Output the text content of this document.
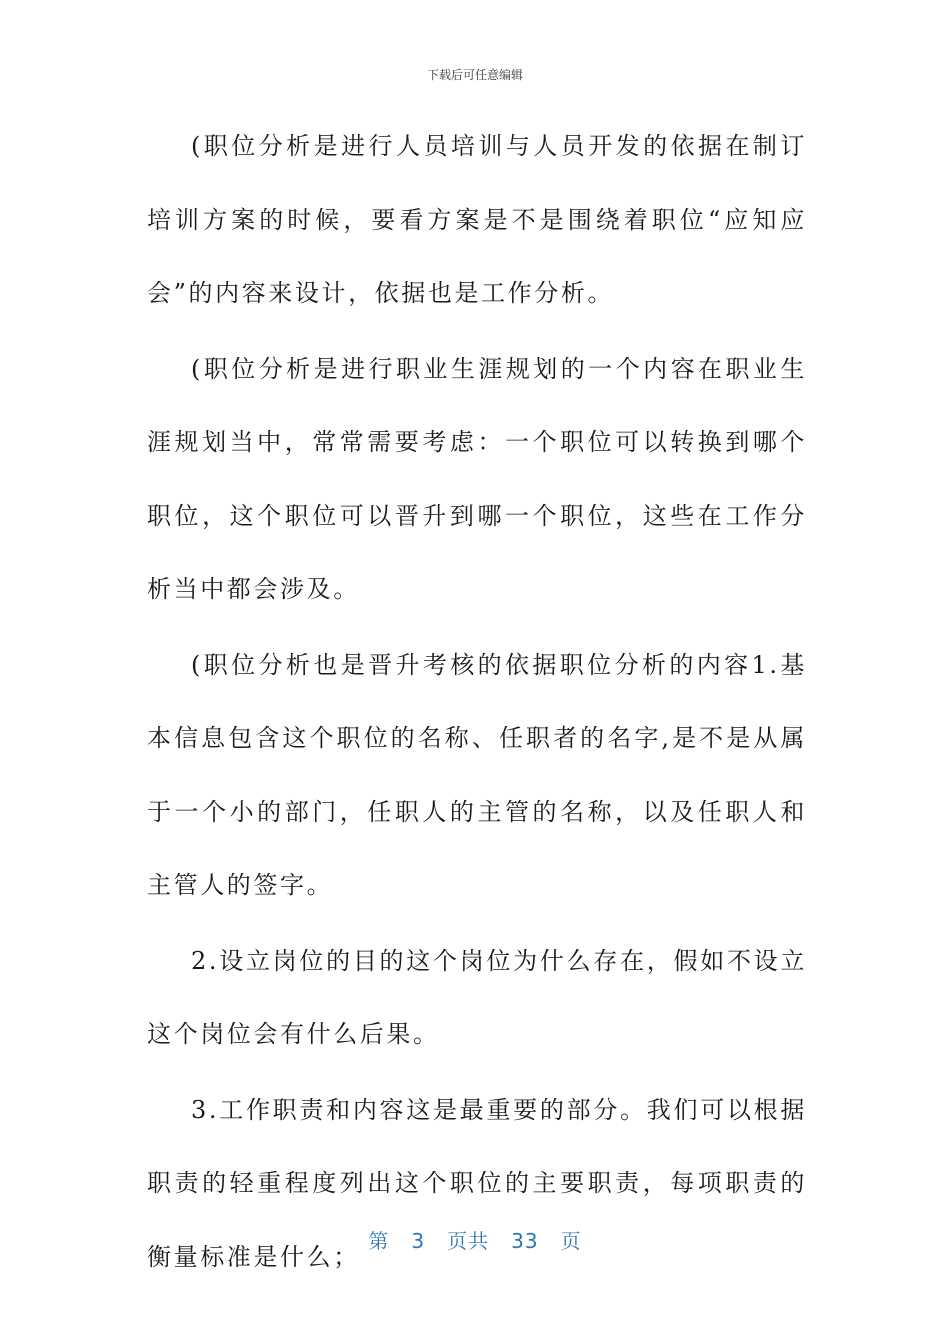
下载后可任意编辑

(职位分析是进行人员培训与人员开发的依据在制订培训方案的时候，要看方案是不是围绕着职位“应知应会”的内容来设计，依据也是工作分析。

(职位分析是进行职业生涯规划的一个内容在职业生涯规划当中，常常需要考虑：一个职位可以转换到哪个职位，这个职位可以晋升到哪一个职位，这些在工作分析当中都会涉及。

(职位分析也是晋升考核的依据职位分析的内容1.基本信息包含这个职位的名称、任职者的名字,是不是从属于一个小的部门，任职人的主管的名称，以及任职人和主管人的签字。

2.设立岗位的目的这个岗位为什么存在，假如不设立这个岗位会有什么后果。

3.工作职责和内容这是最重要的部分。我们可以根据职责的轻重程度列出这个职位的主要职责，每项职责的衡量标准是什么；

第 3 页共 33 页
